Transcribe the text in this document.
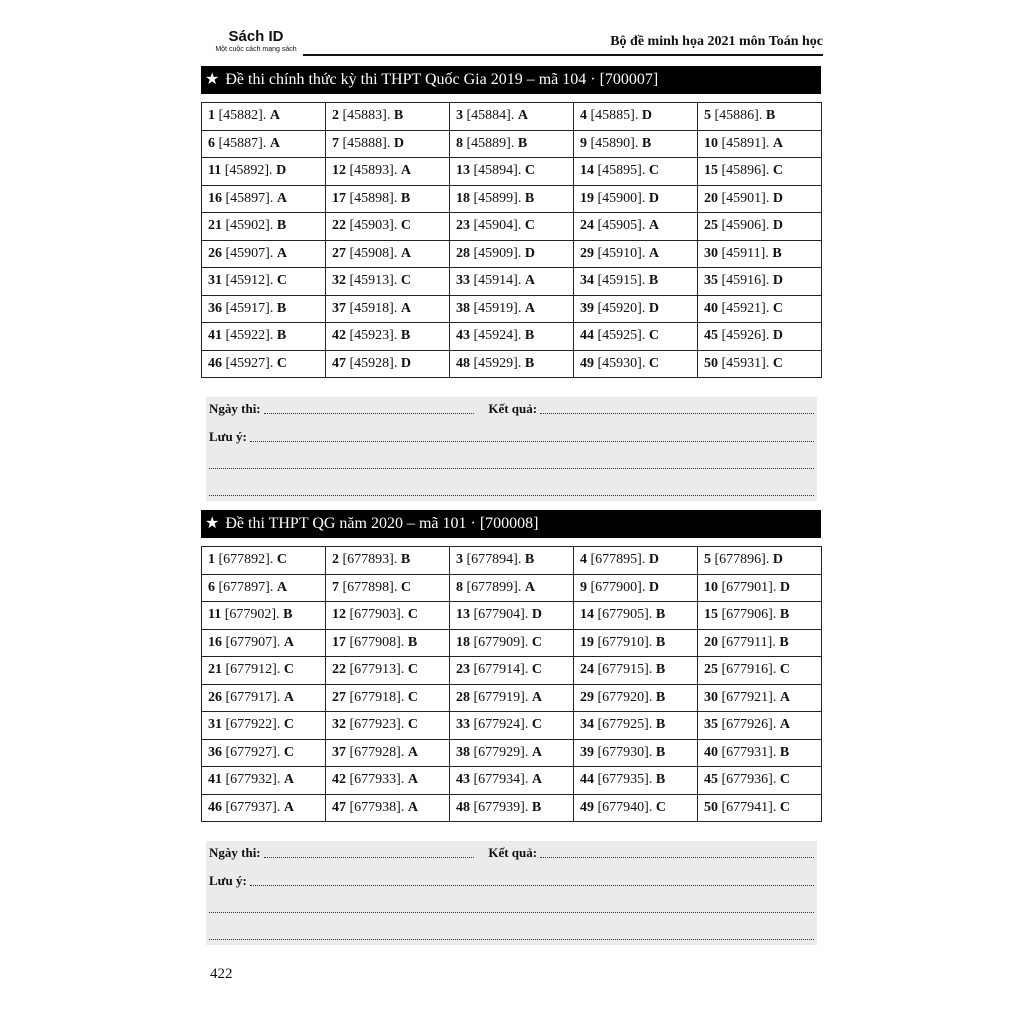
Sách ID
Một cuộc cách mạng sách
Bộ đề minh họa 2021 môn Toán học
★ Đề thi chính thức kỳ thi THPT Quốc Gia 2019 – mã 104 · [700007]
1 [45882]. A	2 [45883]. B	3 [45884]. A	4 [45885]. D	5 [45886]. B
6 [45887]. A	7 [45888]. D	8 [45889]. B	9 [45890]. B	10 [45891]. A
11 [45892]. D	12 [45893]. A	13 [45894]. C	14 [45895]. C	15 [45896]. C
16 [45897]. A	17 [45898]. B	18 [45899]. B	19 [45900]. D	20 [45901]. D
21 [45902]. B	22 [45903]. C	23 [45904]. C	24 [45905]. A	25 [45906]. D
26 [45907]. A	27 [45908]. A	28 [45909]. D	29 [45910]. A	30 [45911]. B
31 [45912]. C	32 [45913]. C	33 [45914]. A	34 [45915]. B	35 [45916]. D
36 [45917]. B	37 [45918]. A	38 [45919]. A	39 [45920]. D	40 [45921]. C
41 [45922]. B	42 [45923]. B	43 [45924]. B	44 [45925]. C	45 [45926]. D
46 [45927]. C	47 [45928]. D	48 [45929]. B	49 [45930]. C	50 [45931]. C
Ngày thi:	Kết quả:
Lưu ý:
★ Đề thi THPT QG năm 2020 – mã 101 · [700008]
1 [677892]. C	2 [677893]. B	3 [677894]. B	4 [677895]. D	5 [677896]. D
6 [677897]. A	7 [677898]. C	8 [677899]. A	9 [677900]. D	10 [677901]. D
11 [677902]. B	12 [677903]. C	13 [677904]. D	14 [677905]. B	15 [677906]. B
16 [677907]. A	17 [677908]. B	18 [677909]. C	19 [677910]. B	20 [677911]. B
21 [677912]. C	22 [677913]. C	23 [677914]. C	24 [677915]. B	25 [677916]. C
26 [677917]. A	27 [677918]. C	28 [677919]. A	29 [677920]. B	30 [677921]. A
31 [677922]. C	32 [677923]. C	33 [677924]. C	34 [677925]. B	35 [677926]. A
36 [677927]. C	37 [677928]. A	38 [677929]. A	39 [677930]. B	40 [677931]. B
41 [677932]. A	42 [677933]. A	43 [677934]. A	44 [677935]. B	45 [677936]. C
46 [677937]. A	47 [677938]. A	48 [677939]. B	49 [677940]. C	50 [677941]. C
Ngày thi:	Kết quả:
Lưu ý:
422
